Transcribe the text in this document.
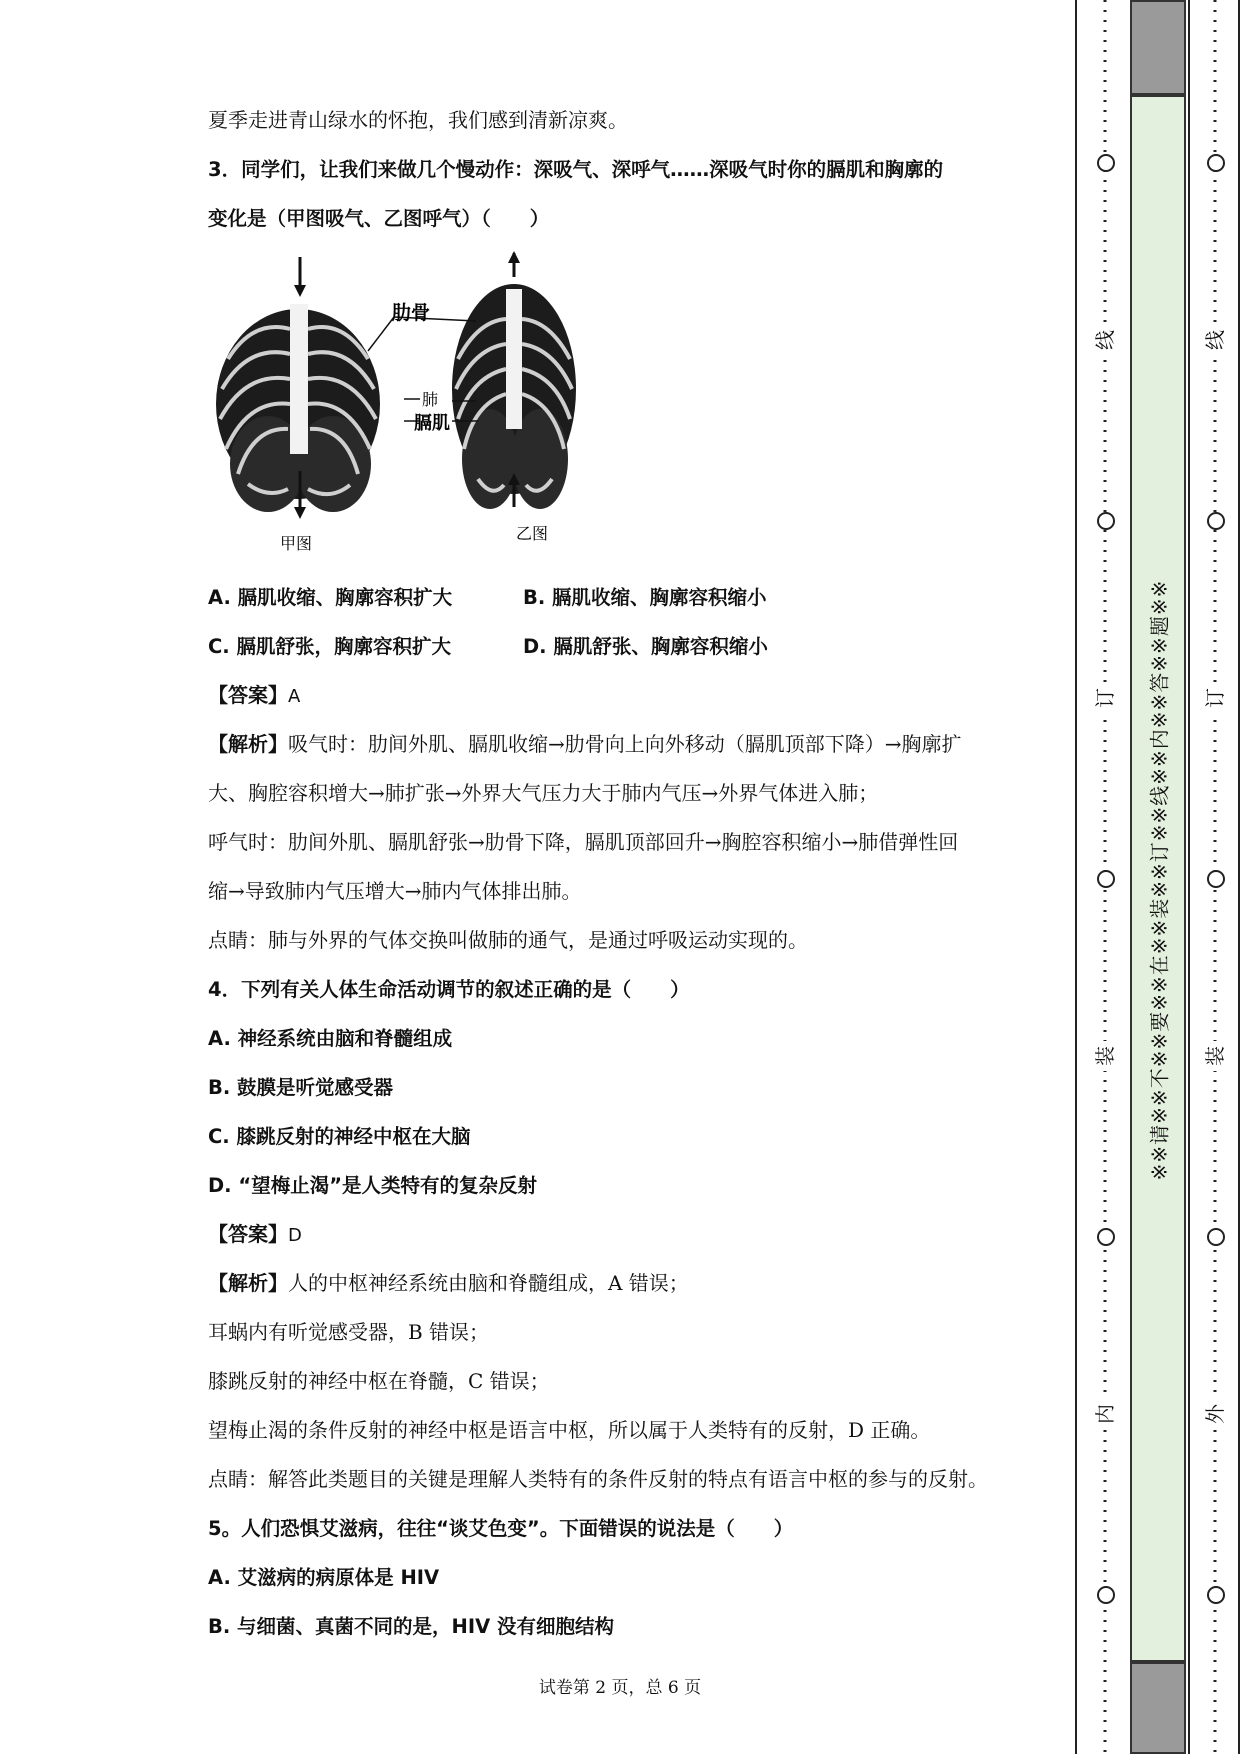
夏季走进青山绿水的怀抱，我们感到清新凉爽。
3．同学们，让我们来做几个慢动作：深吸气、深呼气……深吸气时你的膈肌和胸廓的
变化是（甲图吸气、乙图呼气）（　　）
肋骨
肺
膈肌
甲图
乙图
A. 膈肌收缩、胸廓容积扩大	B. 膈肌收缩、胸廓容积缩小
C. 膈肌舒张，胸廓容积扩大	D. 膈肌舒张、胸廓容积缩小
【答案】A
【解析】吸气时：肋间外肌、膈肌收缩→肋骨向上向外移动（膈肌顶部下降）→胸廓扩
大、胸腔容积增大→肺扩张→外界大气压力大于肺内气压→外界气体进入肺；
呼气时：肋间外肌、膈肌舒张→肋骨下降，膈肌顶部回升→胸腔容积缩小→肺借弹性回
缩→导致肺内气压增大→肺内气体排出肺。
点睛：肺与外界的气体交换叫做肺的通气，是通过呼吸运动实现的。
4．下列有关人体生命活动调节的叙述正确的是（　　）
A. 神经系统由脑和脊髓组成
B. 鼓膜是听觉感受器
C. 膝跳反射的神经中枢在大脑
D. “望梅止渴”是人类特有的复杂反射
【答案】D
【解析】人的中枢神经系统由脑和脊髓组成，A 错误；
耳蜗内有听觉感受器，B 错误；
膝跳反射的神经中枢在脊髓，C 错误；
望梅止渴的条件反射的神经中枢是语言中枢，所以属于人类特有的反射，D 正确。
点睛：解答此类题目的关键是理解人类特有的条件反射的特点有语言中枢的参与的反射。
5。人们恐惧艾滋病，往往“谈艾色变”。下面错误的说法是（　　）
A. 艾滋病的病原体是 HIV
B. 与细菌、真菌不同的是，HIV 没有细胞结构
试卷第 2 页，总 6 页
线
订
装
内
线
订
装
外
※※请※※不※※要※※在※※装※※订※※线※※内※※答※※题※※
